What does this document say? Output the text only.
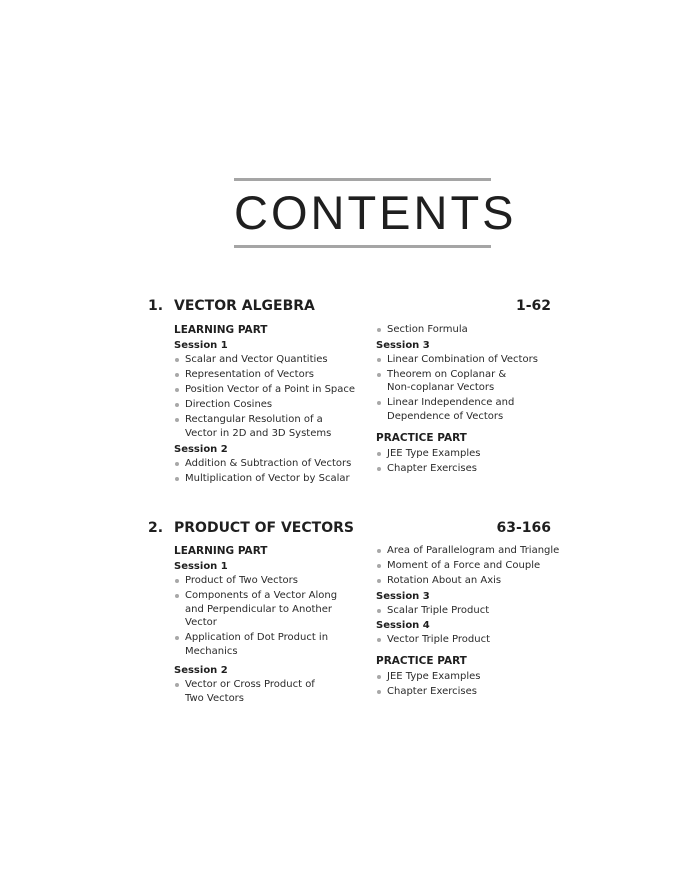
CONTENTS
1. VECTOR ALGEBRA	1-62
LEARNING PART
Session 1
Scalar and Vector Quantities
Representation of Vectors
Position Vector of a Point in Space
Direction Cosines
Rectangular Resolution of a Vector in 2D and 3D Systems
Session 2
Addition & Subtraction of Vectors
Multiplication of Vector by Scalar
Section Formula
Session 3
Linear Combination of Vectors
Theorem on Coplanar & Non-coplanar Vectors
Linear Independence and Dependence of Vectors
PRACTICE PART
JEE Type Examples
Chapter Exercises
2. PRODUCT OF VECTORS	63-166
LEARNING PART
Session 1
Product of Two Vectors
Components of a Vector Along and Perpendicular to Another Vector
Application of Dot Product in Mechanics
Session 2
Vector or Cross Product of Two Vectors
Area of Parallelogram and Triangle
Moment of a Force and Couple
Rotation About an Axis
Session 3
Scalar Triple Product
Session 4
Vector Triple Product
PRACTICE PART
JEE Type Examples
Chapter Exercises
